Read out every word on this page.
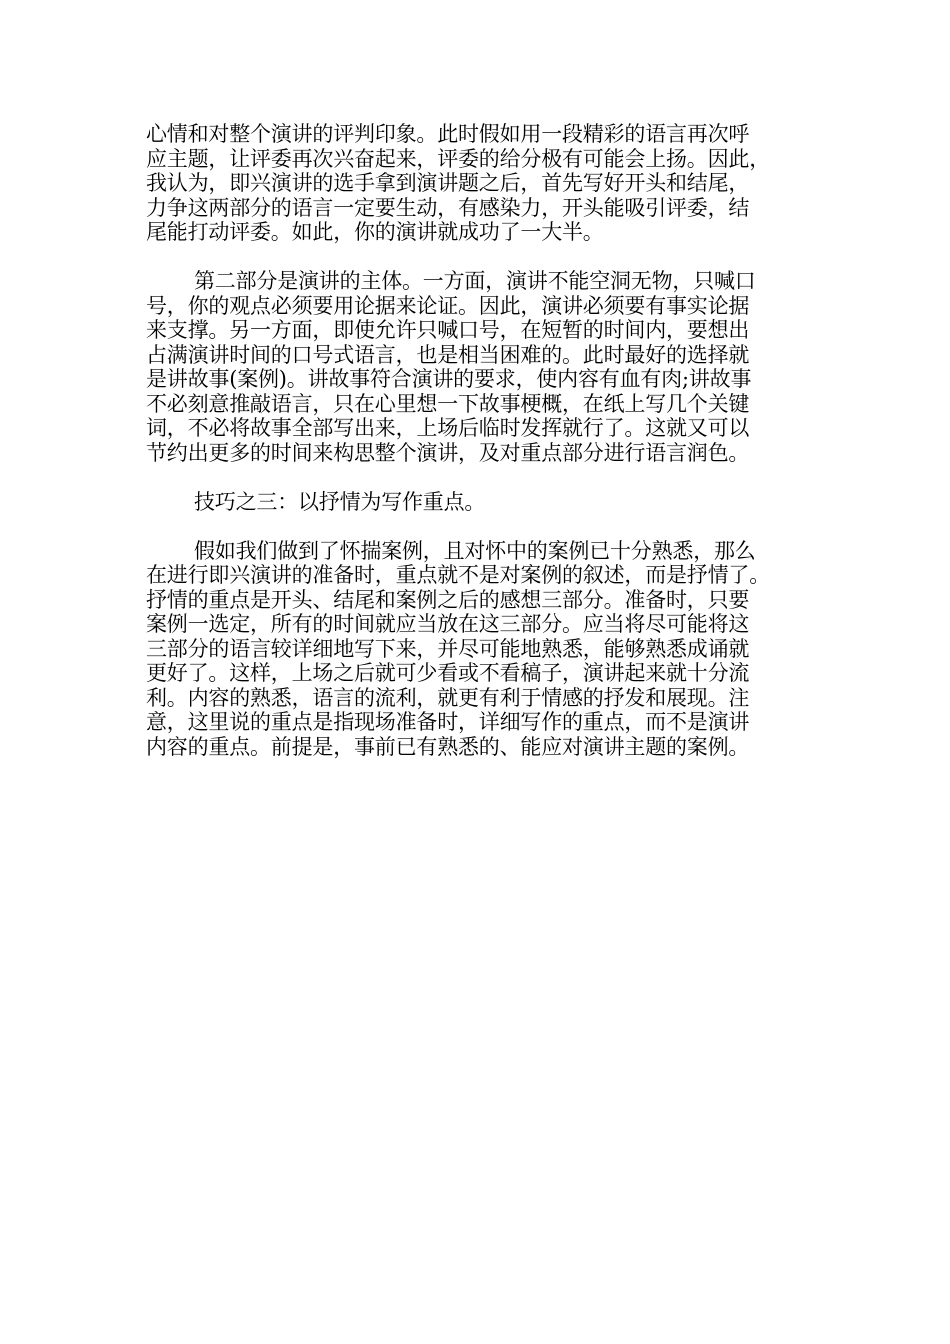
心情和对整个演讲的评判印象。此时假如用一段精彩的语言再次呼
应主题，让评委再次兴奋起来，评委的给分极有可能会上扬。因此，
我认为，即兴演讲的选手拿到演讲题之后，首先写好开头和结尾，
力争这两部分的语言一定要生动，有感染力，开头能吸引评委，结
尾能打动评委。如此，你的演讲就成功了一大半。
第二部分是演讲的主体。一方面，演讲不能空洞无物，只喊口
号，你的观点必须要用论据来论证。因此，演讲必须要有事实论据
来支撑。另一方面，即使允许只喊口号，在短暂的时间内，要想出
占满演讲时间的口号式语言，也是相当困难的。此时最好的选择就
是讲故事(案例)。讲故事符合演讲的要求，使内容有血有肉;讲故事
不必刻意推敲语言，只在心里想一下故事梗概，在纸上写几个关键
词，不必将故事全部写出来，上场后临时发挥就行了。这就又可以
节约出更多的时间来构思整个演讲，及对重点部分进行语言润色。
技巧之三：以抒情为写作重点。
假如我们做到了怀揣案例，且对怀中的案例已十分熟悉，那么
在进行即兴演讲的准备时，重点就不是对案例的叙述，而是抒情了。
抒情的重点是开头、结尾和案例之后的感想三部分。准备时，只要
案例一选定，所有的时间就应当放在这三部分。应当将尽可能将这
三部分的语言较详细地写下来，并尽可能地熟悉，能够熟悉成诵就
更好了。这样，上场之后就可少看或不看稿子，演讲起来就十分流
利。内容的熟悉，语言的流利，就更有利于情感的抒发和展现。注
意，这里说的重点是指现场准备时，详细写作的重点，而不是演讲
内容的重点。前提是，事前已有熟悉的、能应对演讲主题的案例。
